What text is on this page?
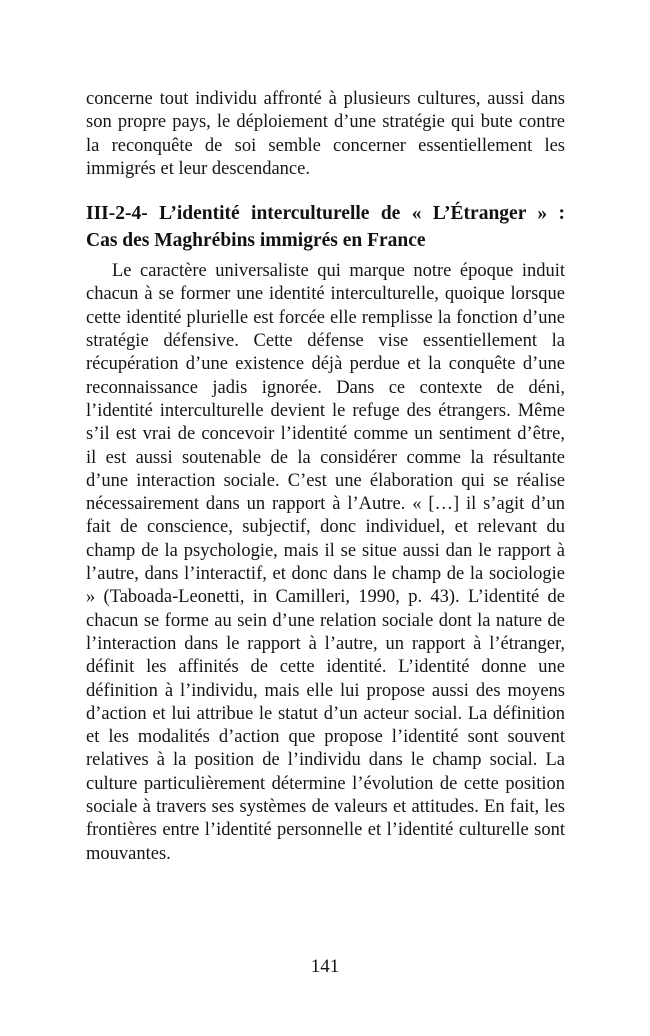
concerne tout individu affronté à plusieurs cultures, aussi dans son propre pays, le déploiement d’une stratégie qui bute contre la reconquête de soi semble concerner essentiellement les immigrés et leur descendance.

III-2-4- L’identité interculturelle de « L’Étranger » :
Cas des Maghrébins immigrés en France

Le caractère universaliste qui marque notre époque induit chacun à se former une identité interculturelle, quoique lorsque cette identité plurielle est forcée elle remplisse la fonction d’une stratégie défensive. Cette défense vise essentiellement la récupération d’une existence déjà perdue et la conquête d’une reconnaissance jadis ignorée. Dans ce contexte de déni, l’identité interculturelle devient le refuge des étrangers. Même s’il est vrai de concevoir l’identité comme un sentiment d’être, il est aussi soutenable de la considérer comme la résultante d’une interaction sociale. C’est une élaboration qui se réalise nécessairement dans un rapport à l’Autre. « […] il s’agit d’un fait de conscience, subjectif, donc individuel, et relevant du champ de la psychologie, mais il se situe aussi dan le rapport à l’autre, dans l’interactif, et donc dans le champ de la sociologie » (Taboada-Leonetti, in Camilleri, 1990, p. 43). L’identité de chacun se forme au sein d’une relation sociale dont la nature de l’interaction dans le rapport à l’autre, un rapport à l’étranger, définit les affinités de cette identité. L’identité donne une définition à l’individu, mais elle lui propose aussi des moyens d’action et lui attribue le statut d’un acteur social. La définition et les modalités d’action que propose l’identité sont souvent relatives à la position de l’individu dans le champ social. La culture particulièrement détermine l’évolution de cette position sociale à travers ses systèmes de valeurs et attitudes. En fait, les frontières entre l’identité personnelle et l’identité culturelle sont mouvantes.

141
